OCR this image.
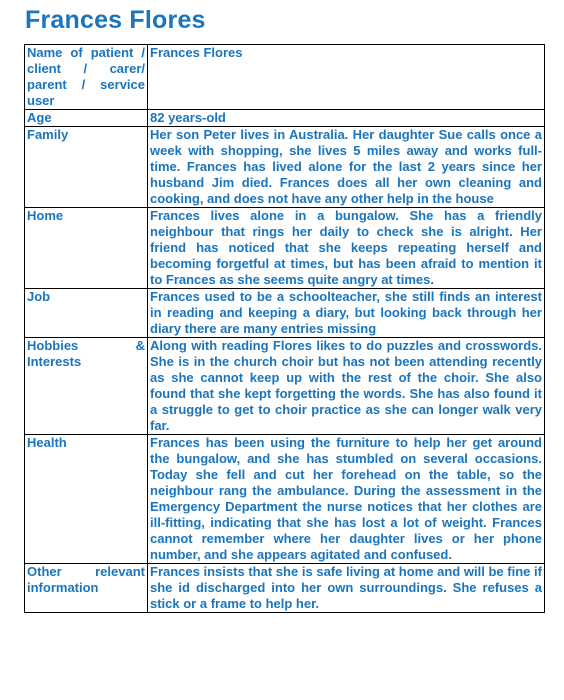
Frances Flores
Name of patient / client / carer/ parent / service user	Frances Flores
Age	82 years-old
Family	Her son Peter lives in Australia. Her daughter Sue calls once a week with shopping, she lives 5 miles away and works full-time. Frances has lived alone for the last 2 years since her husband Jim died. Frances does all her own cleaning and cooking, and does not have any other help in the house
Home	Frances lives alone in a bungalow. She has a friendly neighbour that rings her daily to check she is alright. Her friend has noticed that she keeps repeating herself and becoming forgetful at times, but has been afraid to mention it to Frances as she seems quite angry at times.
Job	Frances used to be a schoolteacher, she still finds an interest in reading and keeping a diary, but looking back through her diary there are many entries missing
Hobbies & Interests	Along with reading Flores likes to do puzzles and crosswords. She is in the church choir but has not been attending recently as she cannot keep up with the rest of the choir. She also found that she kept forgetting the words. She has also found it a struggle to get to choir practice as she can longer walk very far.
Health	Frances has been using the furniture to help her get around the bungalow, and she has stumbled on several occasions. Today she fell and cut her forehead on the table, so the neighbour rang the ambulance. During the assessment in the Emergency Department the nurse notices that her clothes are ill-fitting, indicating that she has lost a lot of weight. Frances cannot remember where her daughter lives or her phone number, and she appears agitated and confused.
Other relevant information	Frances insists that she is safe living at home and will be fine if she id discharged into her own surroundings. She refuses a stick or a frame to help her.
